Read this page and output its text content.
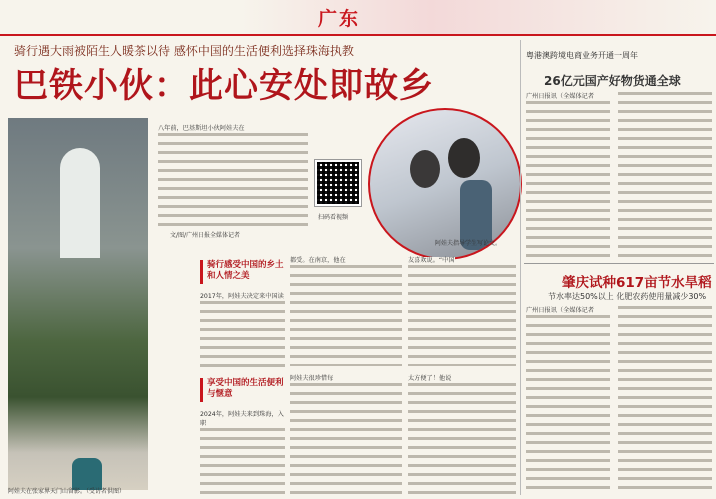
广东
骑行遇大雨被陌生人暖茶以待 感怀中国的生活便利选择珠海执教
巴铁小伙：此心安处即故乡
阿娃夫在张家界天门山留影。（受访者供图）
八年前，巴基斯坦小伙阿娃夫在
扫码看视频
阿娃夫指导学生写论文。
文/图/广州日报全媒体记者
骑行感受中国的乡土和人情之美
2017年，阿娃夫决定来中国读
享受中国的生活便利与惬意
2024年，阿娃夫来到珠海，入职
都受。在南京，他在
阿娃夫很珍惜每
友喜欢说。“中国
太方便了！他说
粤港澳跨境电商业务开通一周年
26亿元国产好物货通全球
广州日报讯（全媒体记者
肇庆试种617亩节水旱稻
节水率达50%以上 化肥农药使用量减少30%
广州日报讯（全媒体记者
